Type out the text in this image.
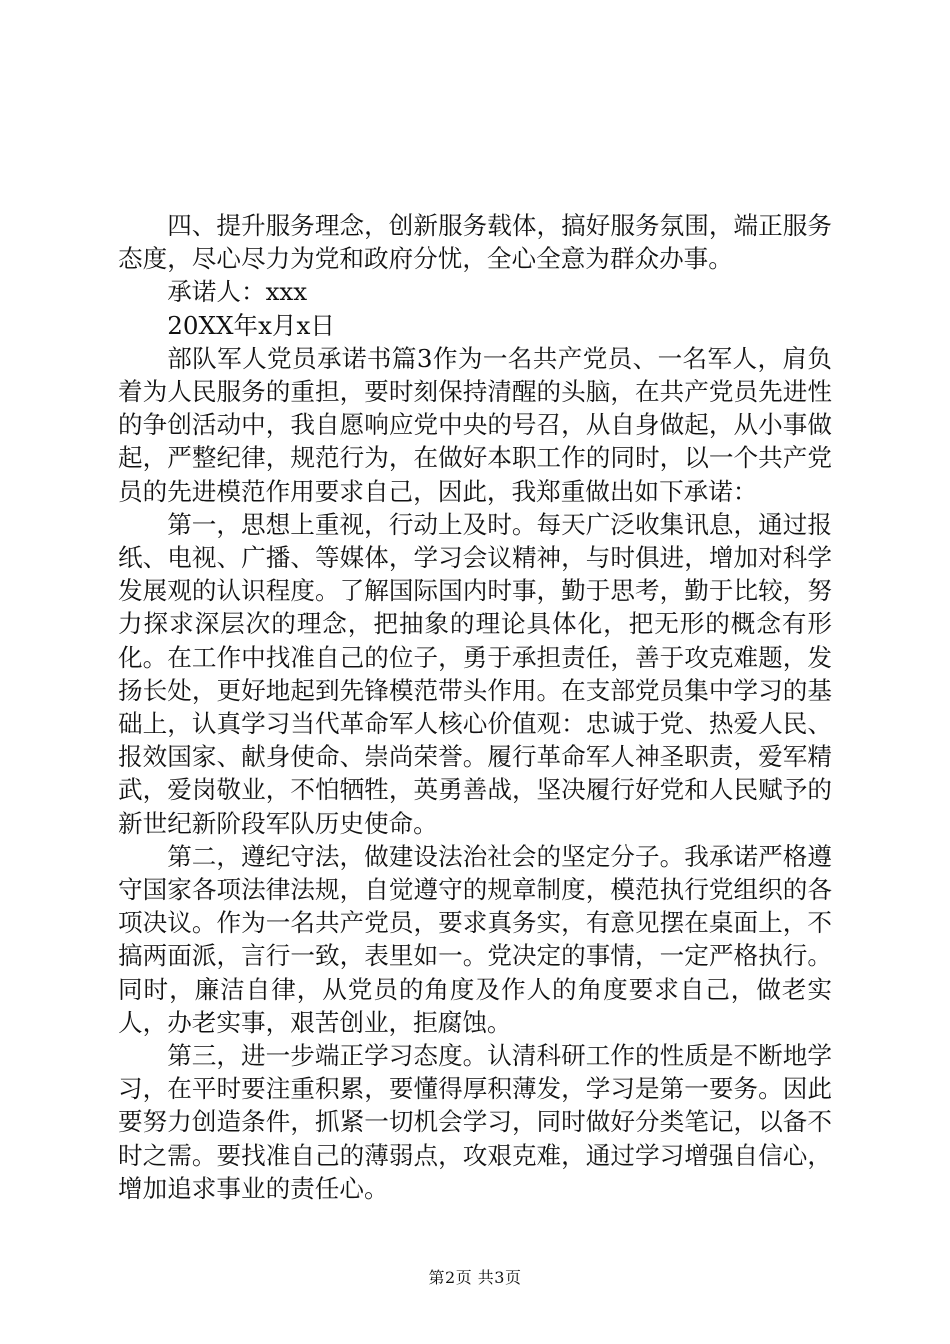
四、提升服务理念，创新服务载体，搞好服务氛围，端正服务态度，尽心尽力为党和政府分忧，全心全意为群众办事。

承诺人：xxx

20XX年x月x日

部队军人党员承诺书篇3作为一名共产党员、一名军人，肩负着为人民服务的重担，要时刻保持清醒的头脑，在共产党员先进性的争创活动中，我自愿响应党中央的号召，从自身做起，从小事做起，严整纪律，规范行为，在做好本职工作的同时，以一个共产党员的先进模范作用要求自己，因此，我郑重做出如下承诺：

第一，思想上重视，行动上及时。每天广泛收集讯息，通过报纸、电视、广播、等媒体，学习会议精神，与时俱进，增加对科学发展观的认识程度。了解国际国内时事，勤于思考，勤于比较，努力探求深层次的理念，把抽象的理论具体化，把无形的概念有形化。在工作中找准自己的位子，勇于承担责任，善于攻克难题，发扬长处，更好地起到先锋模范带头作用。在支部党员集中学习的基础上，认真学习当代革命军人核心价值观：忠诚于党、热爱人民、报效国家、献身使命、崇尚荣誉。履行革命军人神圣职责，爱军精武，爱岗敬业，不怕牺牲，英勇善战，坚决履行好党和人民赋予的新世纪新阶段军队历史使命。

第二，遵纪守法，做建设法治社会的坚定分子。我承诺严格遵守国家各项法律法规，自觉遵守的规章制度，模范执行党组织的各项决议。作为一名共产党员，要求真务实，有意见摆在桌面上，不搞两面派，言行一致，表里如一。党决定的事情，一定严格执行。同时，廉洁自律，从党员的角度及作人的角度要求自己，做老实人，办老实事，艰苦创业，拒腐蚀。

第三，进一步端正学习态度。认清科研工作的性质是不断地学习，在平时要注重积累，要懂得厚积薄发，学习是第一要务。因此要努力创造条件，抓紧一切机会学习，同时做好分类笔记，以备不时之需。要找准自己的薄弱点，攻艰克难，通过学习增强自信心，增加追求事业的责任心。

第2页 共3页
